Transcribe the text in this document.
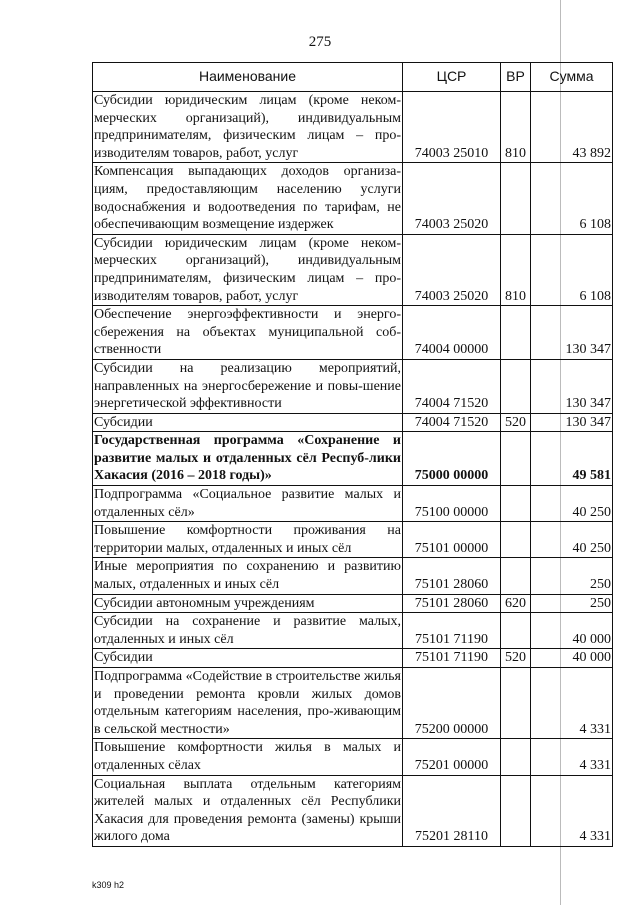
275
Наименование	ЦСР	ВР	Сумма
Субсидии юридическим лицам (кроме неком-мерческих организаций), индивидуальным предпринимателям, физическим лицам – про-изводителям товаров, работ, услуг	74003 25010	810	43 892
Компенсация выпадающих доходов организа-циям, предоставляющим населению услуги водоснабжения и водоотведения по тарифам, не обеспечивающим возмещение издержек	74003 25020		6 108
Субсидии юридическим лицам (кроме неком-мерческих организаций), индивидуальным предпринимателям, физическим лицам – про-изводителям товаров, работ, услуг	74003 25020	810	6 108
Обеспечение энергоэффективности и энерго-сбережения на объектах муниципальной соб-ственности	74004 00000		130 347
Субсидии на реализацию мероприятий, направленных на энергосбережение и повы-шение энергетической эффективности	74004 71520		130 347
Субсидии	74004 71520	520	130 347
Государственная программа «Сохранение и развитие малых и отдаленных сёл Респуб-лики Хакасия (2016 – 2018 годы)»	75000 00000		49 581
Подпрограмма «Социальное развитие малых и отдаленных сёл»	75100 00000		40 250
Повышение комфортности проживания на территории малых, отдаленных и иных сёл	75101 00000		40 250
Иные мероприятия по сохранению и развитию малых, отдаленных и иных сёл	75101 28060		250
Субсидии автономным учреждениям	75101 28060	620	250
Субсидии на сохранение и развитие малых, отдаленных и иных сёл	75101 71190		40 000
Субсидии	75101 71190	520	40 000
Подпрограмма «Содействие в строительстве жилья и проведении ремонта кровли жилых домов отдельным категориям населения, про-живающим в сельской местности»	75200 00000		4 331
Повышение комфортности жилья в малых и отдаленных сёлах	75201 00000		4 331
Социальная выплата отдельным категориям жителей малых и отдаленных сёл Республики Хакасия для проведения ремонта (замены) крыши жилого дома	75201 28110		4 331
k309 h2
